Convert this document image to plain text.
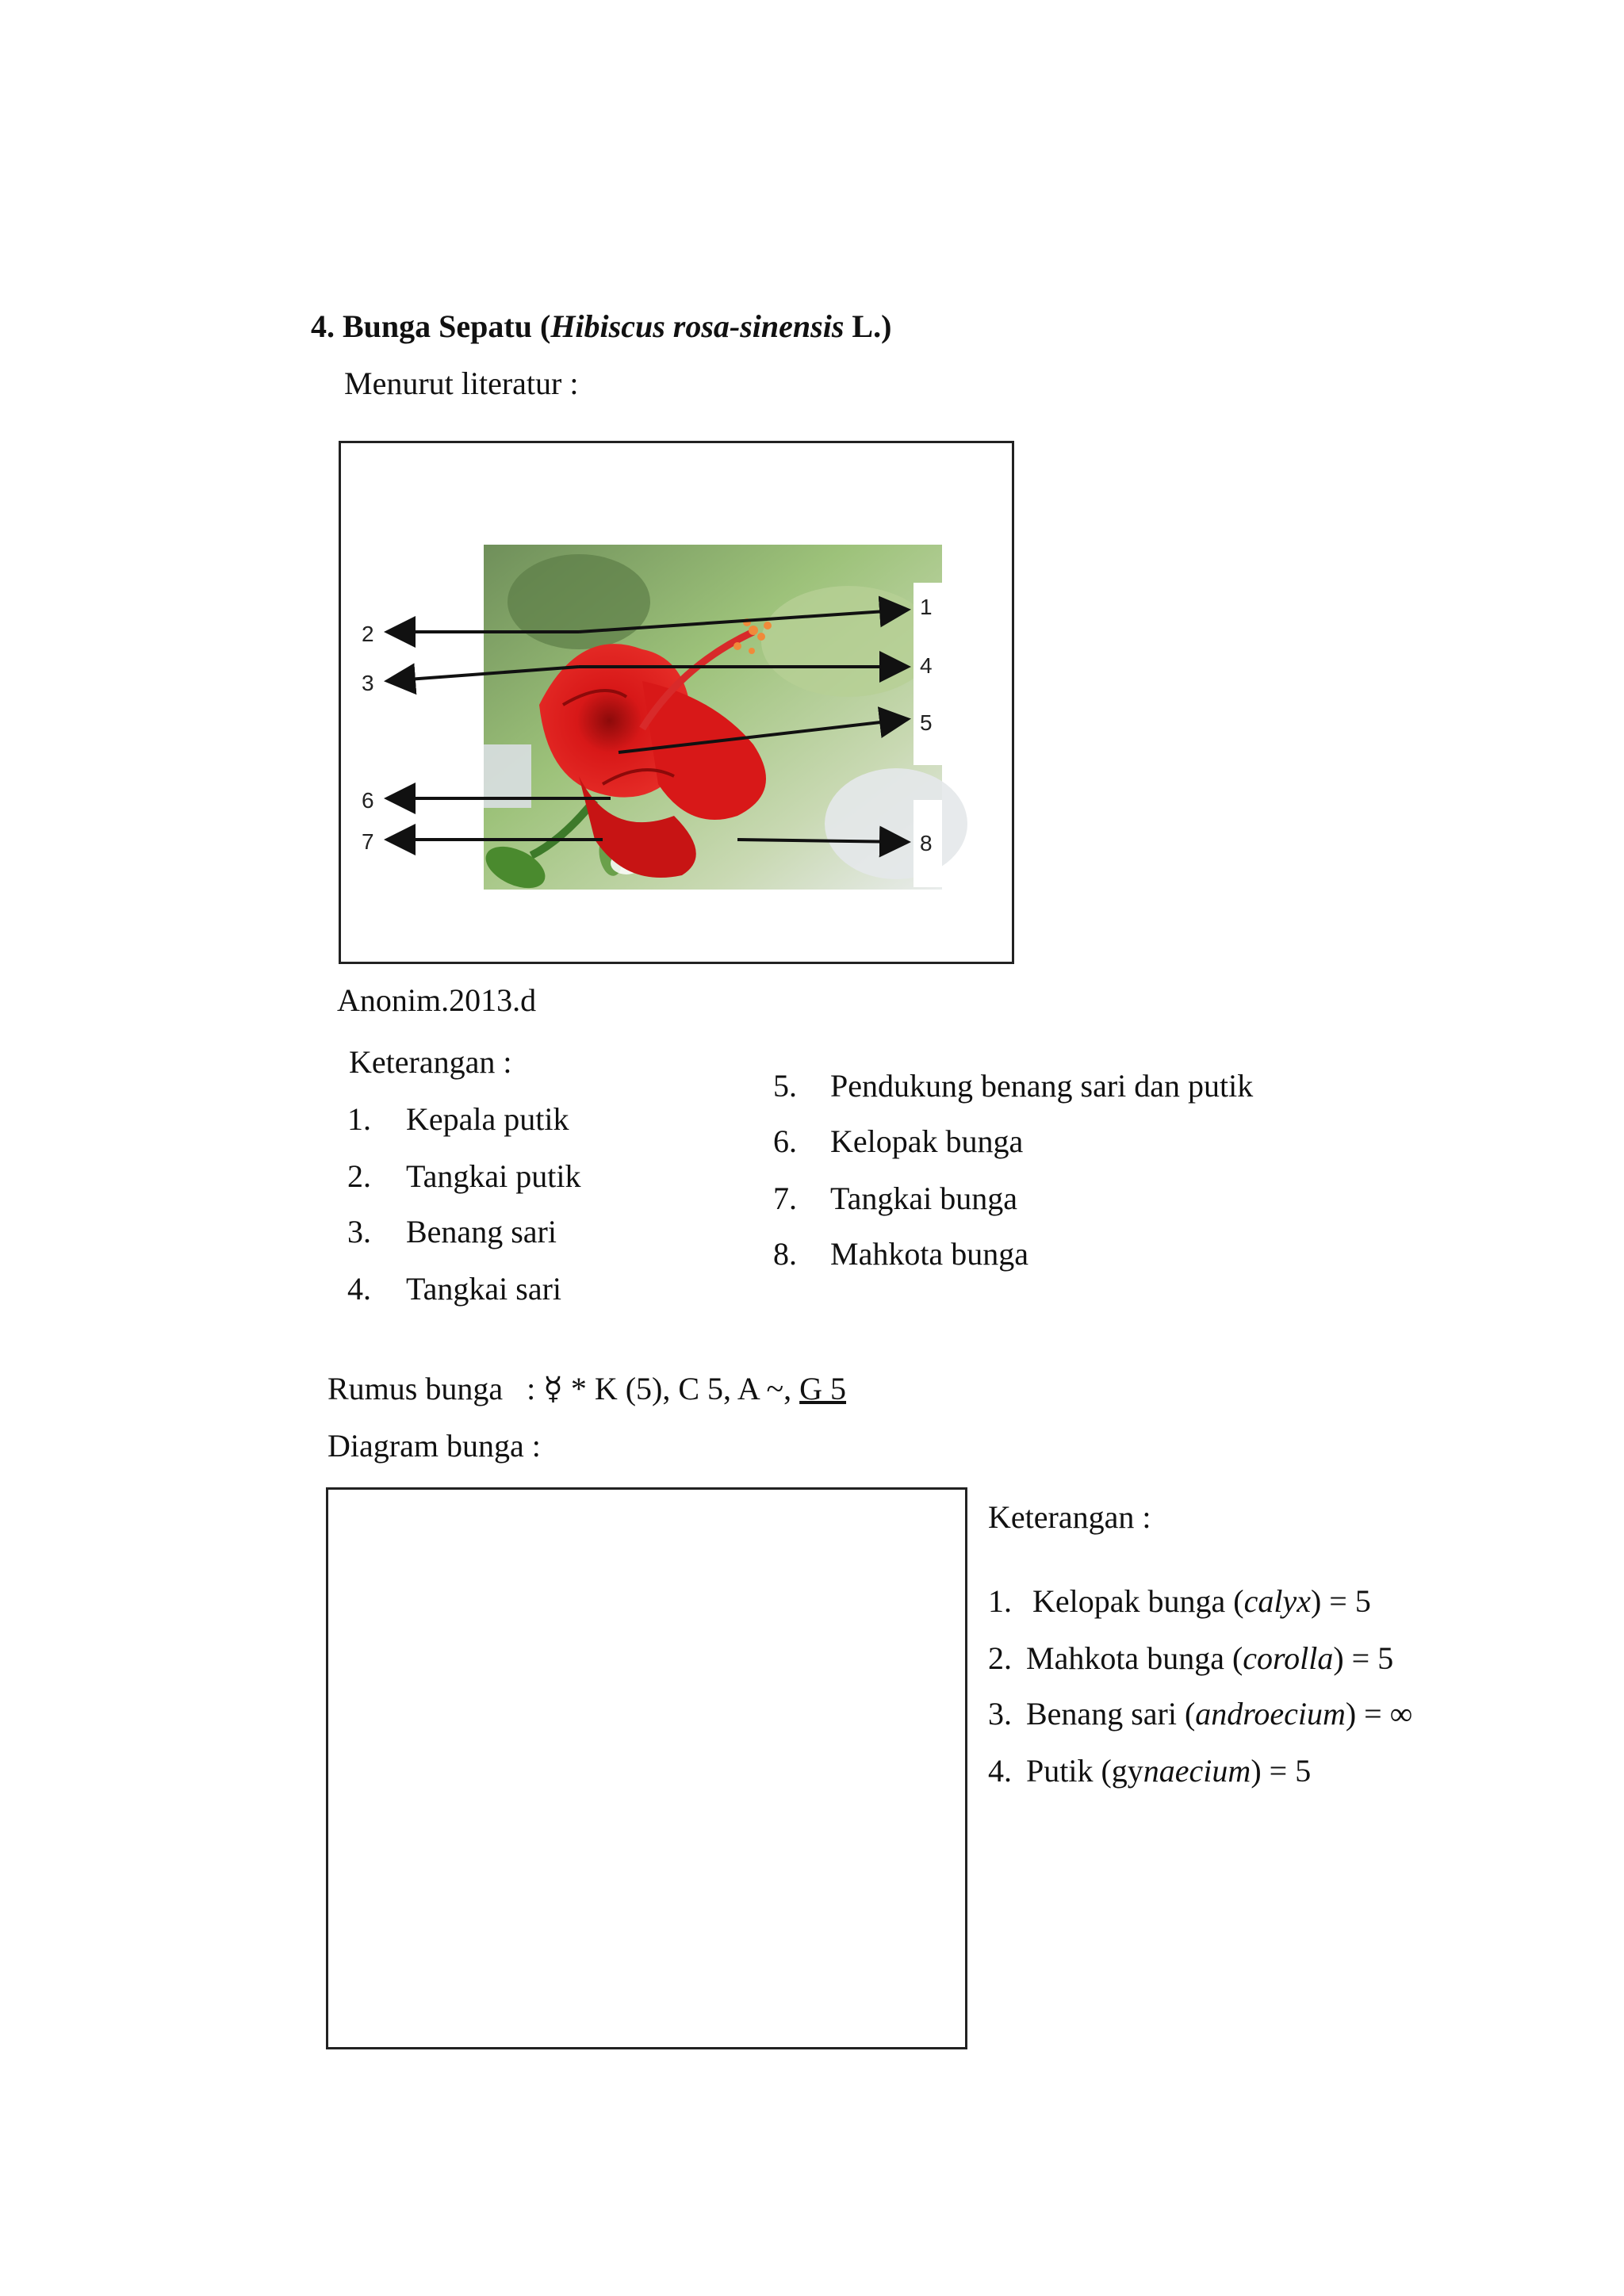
4. Bunga Sepatu (Hibiscus rosa-sinensis L.)
Menurut literatur :
2
3
6
7
1
4
5
8
Anonim.2013.d
Keterangan :
1. Kepala putik
2. Tangkai putik
3. Benang sari
4. Tangkai sari
5. Pendukung benang sari dan putik
6. Kelopak bunga
7. Tangkai bunga
8. Mahkota bunga
Rumus bunga : ☿ * K (5), C 5, A ~, G 5
Diagram bunga :
Keterangan :
1. Kelopak bunga (calyx) = 5
2. Mahkota bunga (corolla) = 5
3. Benang sari (androecium) = ∞
4. Putik (gynaecium) = 5
